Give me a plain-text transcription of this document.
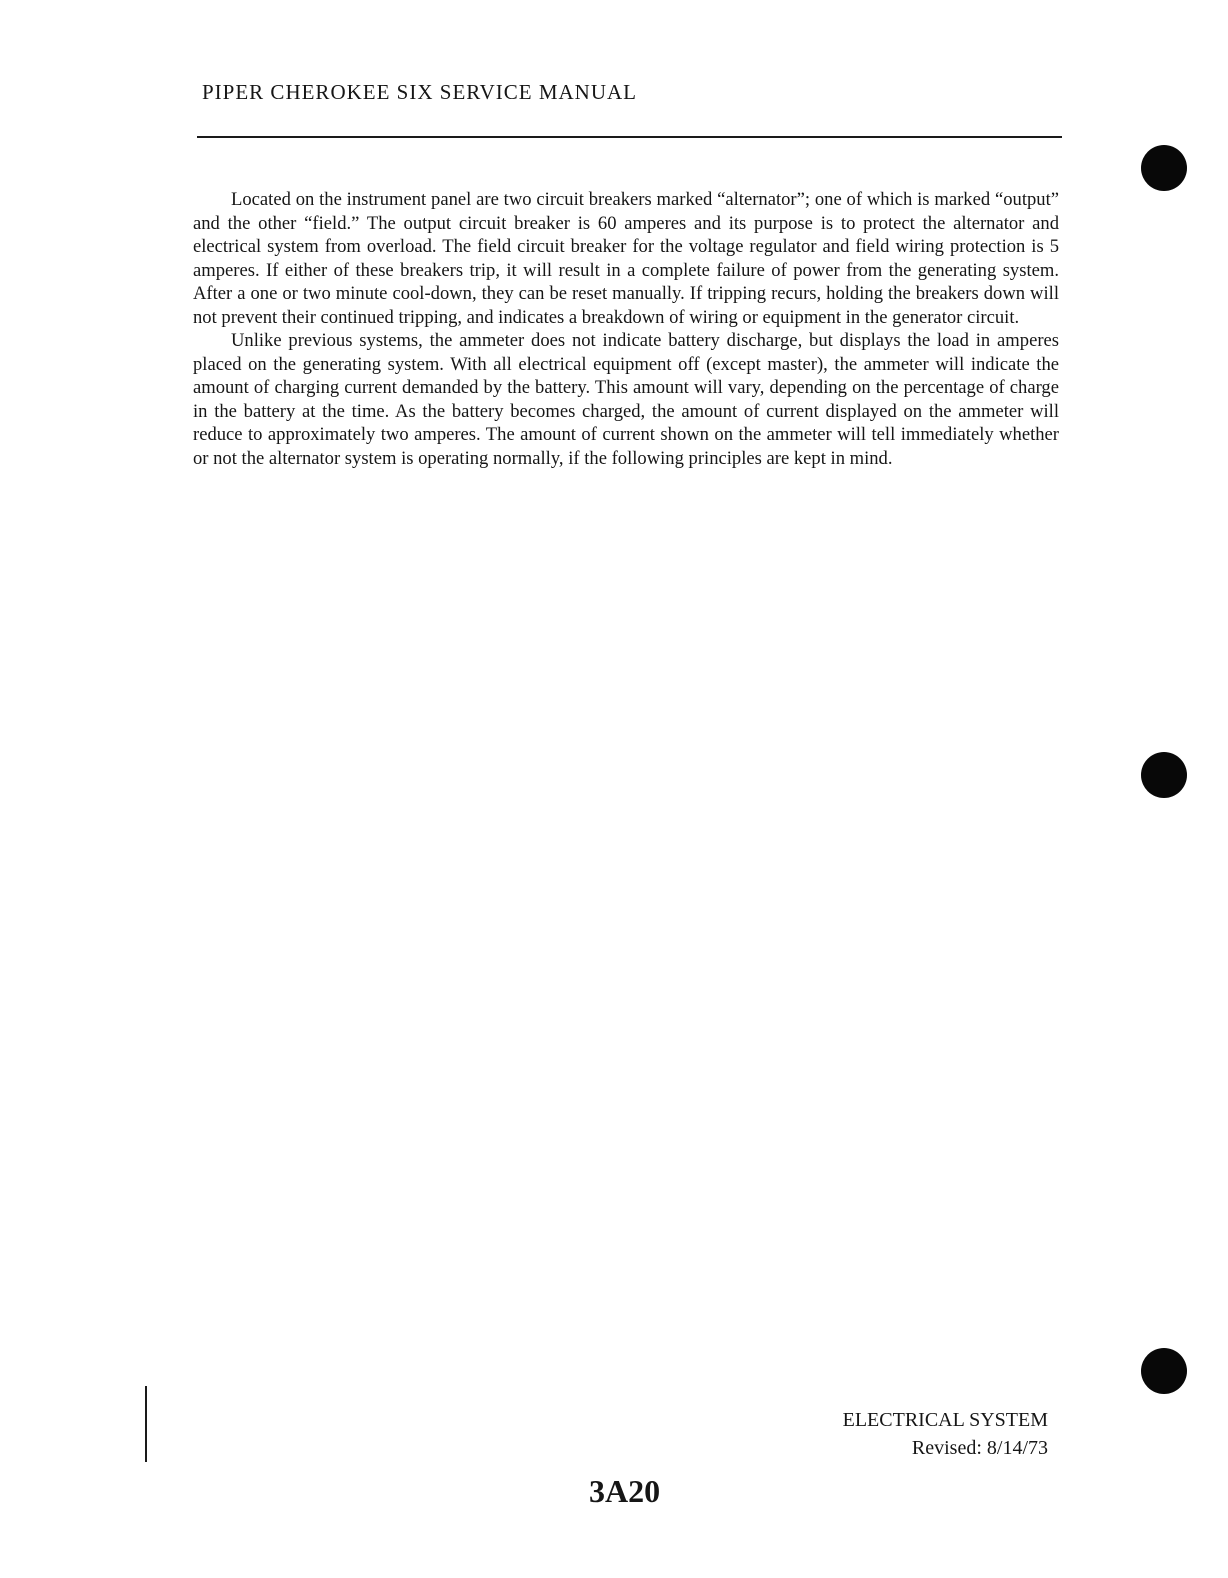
PIPER CHEROKEE SIX SERVICE MANUAL

Located on the instrument panel are two circuit breakers marked “alternator”; one of which is marked “output” and the other “field.” The output circuit breaker is 60 amperes and its purpose is to protect the alternator and electrical system from overload. The field circuit breaker for the voltage regulator and field wiring protection is 5 amperes. If either of these breakers trip, it will result in a complete failure of power from the generating system. After a one or two minute cool-down, they can be reset manually. If tripping recurs, holding the breakers down will not prevent their continued tripping, and indicates a breakdown of wiring or equipment in the generator circuit.

Unlike previous systems, the ammeter does not indicate battery discharge, but displays the load in amperes placed on the generating system. With all electrical equipment off (except master), the ammeter will indicate the amount of charging current demanded by the battery. This amount will vary, depending on the percentage of charge in the battery at the time. As the battery becomes charged, the amount of current displayed on the ammeter will reduce to approximately two amperes. The amount of current shown on the ammeter will tell immediately whether or not the alternator system is operating normally, if the following principles are kept in mind.

ELECTRICAL SYSTEM
Revised: 8/14/73
3A20
